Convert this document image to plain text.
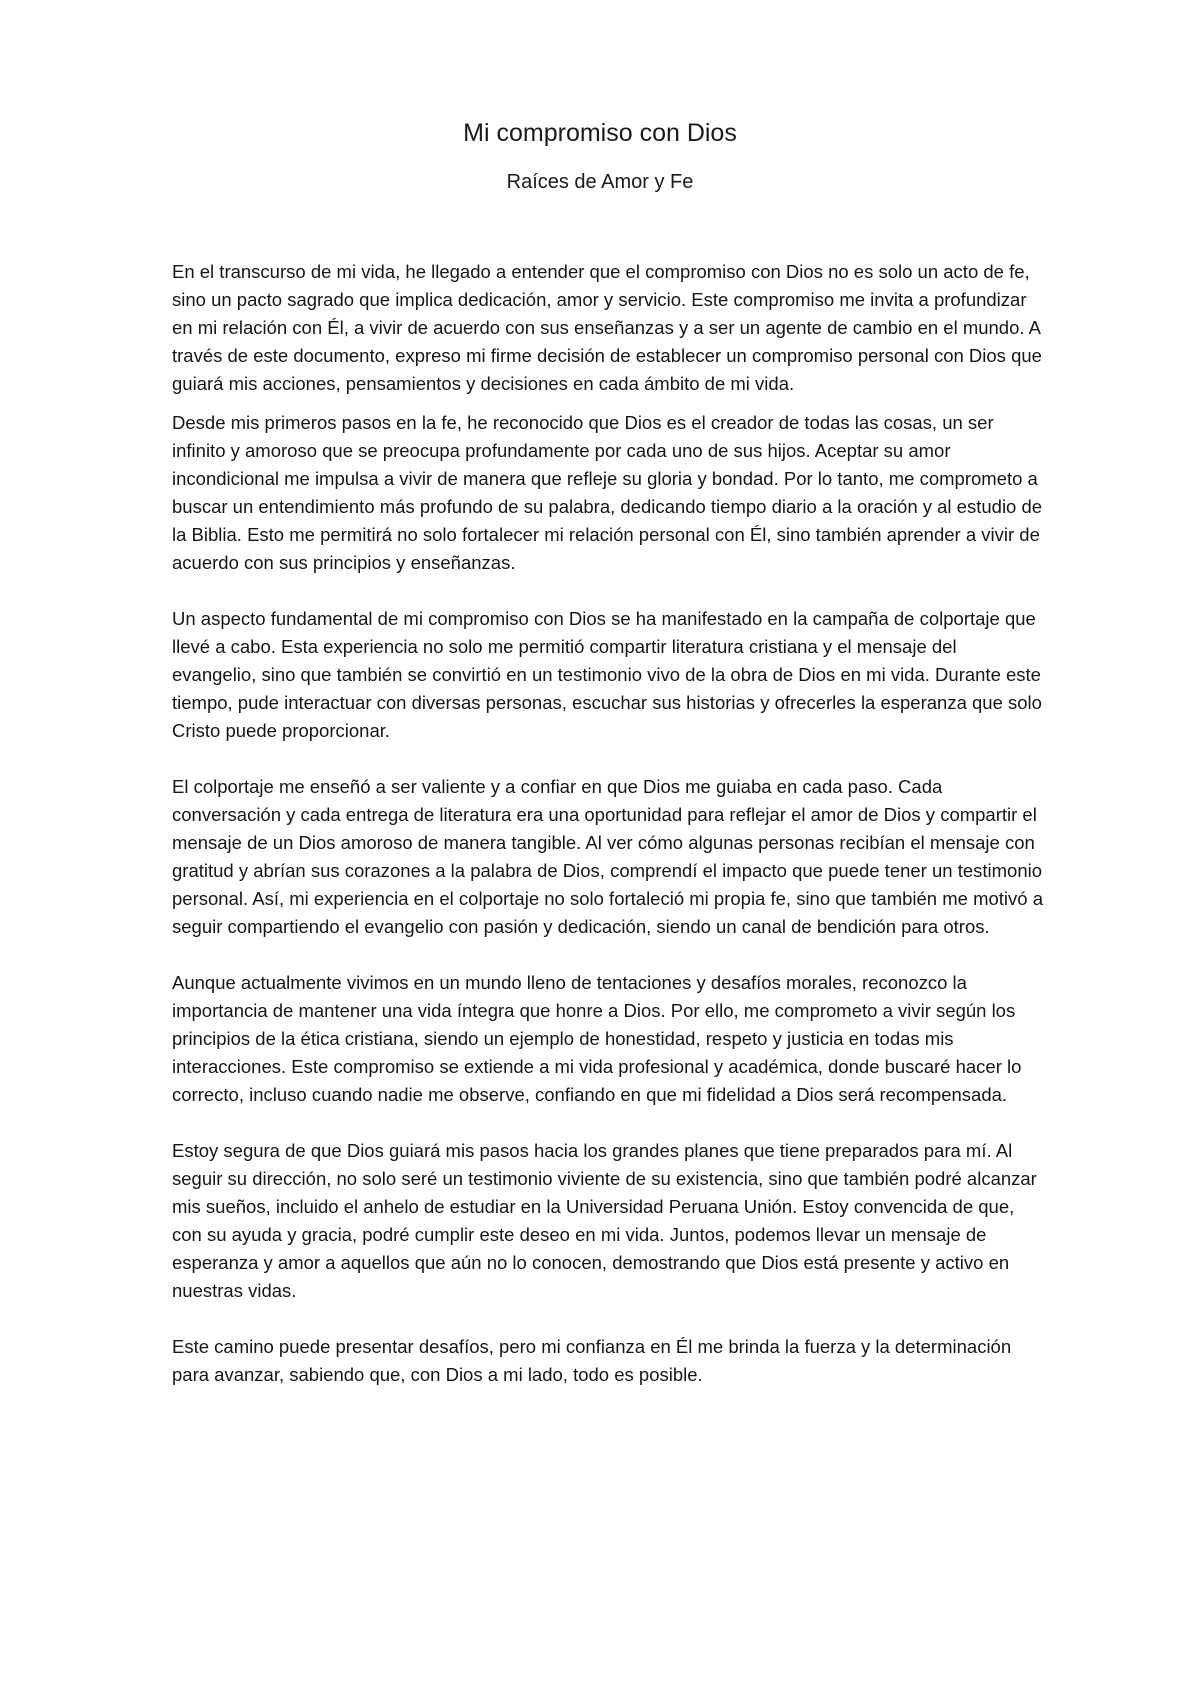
Mi compromiso con Dios
Raíces de Amor y Fe

En el transcurso de mi vida, he llegado a entender que el compromiso con Dios no es solo un acto de fe, sino un pacto sagrado que implica dedicación, amor y servicio. Este compromiso me invita a profundizar en mi relación con Él, a vivir de acuerdo con sus enseñanzas y a ser un agente de cambio en el mundo. A través de este documento, expreso mi firme decisión de establecer un compromiso personal con Dios que guiará mis acciones, pensamientos y decisiones en cada ámbito de mi vida.

Desde mis primeros pasos en la fe, he reconocido que Dios es el creador de todas las cosas, un ser infinito y amoroso que se preocupa profundamente por cada uno de sus hijos. Aceptar su amor incondicional me impulsa a vivir de manera que refleje su gloria y bondad. Por lo tanto, me comprometo a buscar un entendimiento más profundo de su palabra, dedicando tiempo diario a la oración y al estudio de la Biblia. Esto me permitirá no solo fortalecer mi relación personal con Él, sino también aprender a vivir de acuerdo con sus principios y enseñanzas.

Un aspecto fundamental de mi compromiso con Dios se ha manifestado en la campaña de colportaje que llevé a cabo. Esta experiencia no solo me permitió compartir literatura cristiana y el mensaje del evangelio, sino que también se convirtió en un testimonio vivo de la obra de Dios en mi vida. Durante este tiempo, pude interactuar con diversas personas, escuchar sus historias y ofrecerles la esperanza que solo Cristo puede proporcionar.

El colportaje me enseñó a ser valiente y a confiar en que Dios me guiaba en cada paso. Cada conversación y cada entrega de literatura era una oportunidad para reflejar el amor de Dios y compartir el mensaje de un Dios amoroso de manera tangible. Al ver cómo algunas personas recibían el mensaje con gratitud y abrían sus corazones a la palabra de Dios, comprendí el impacto que puede tener un testimonio personal. Así, mi experiencia en el colportaje no solo fortaleció mi propia fe, sino que también me motivó a seguir compartiendo el evangelio con pasión y dedicación, siendo un canal de bendición para otros.

Aunque actualmente vivimos en un mundo lleno de tentaciones y desafíos morales, reconozco la importancia de mantener una vida íntegra que honre a Dios. Por ello, me comprometo a vivir según los principios de la ética cristiana, siendo un ejemplo de honestidad, respeto y justicia en todas mis interacciones. Este compromiso se extiende a mi vida profesional y académica, donde buscaré hacer lo correcto, incluso cuando nadie me observe, confiando en que mi fidelidad a Dios será recompensada.

Estoy segura de que Dios guiará mis pasos hacia los grandes planes que tiene preparados para mí. Al seguir su dirección, no solo seré un testimonio viviente de su existencia, sino que también podré alcanzar mis sueños, incluido el anhelo de estudiar en la Universidad Peruana Unión. Estoy convencida de que, con su ayuda y gracia, podré cumplir este deseo en mi vida. Juntos, podemos llevar un mensaje de esperanza y amor a aquellos que aún no lo conocen, demostrando que Dios está presente y activo en nuestras vidas.

Este camino puede presentar desafíos, pero mi confianza en Él me brinda la fuerza y la determinación para avanzar, sabiendo que, con Dios a mi lado, todo es posible.
